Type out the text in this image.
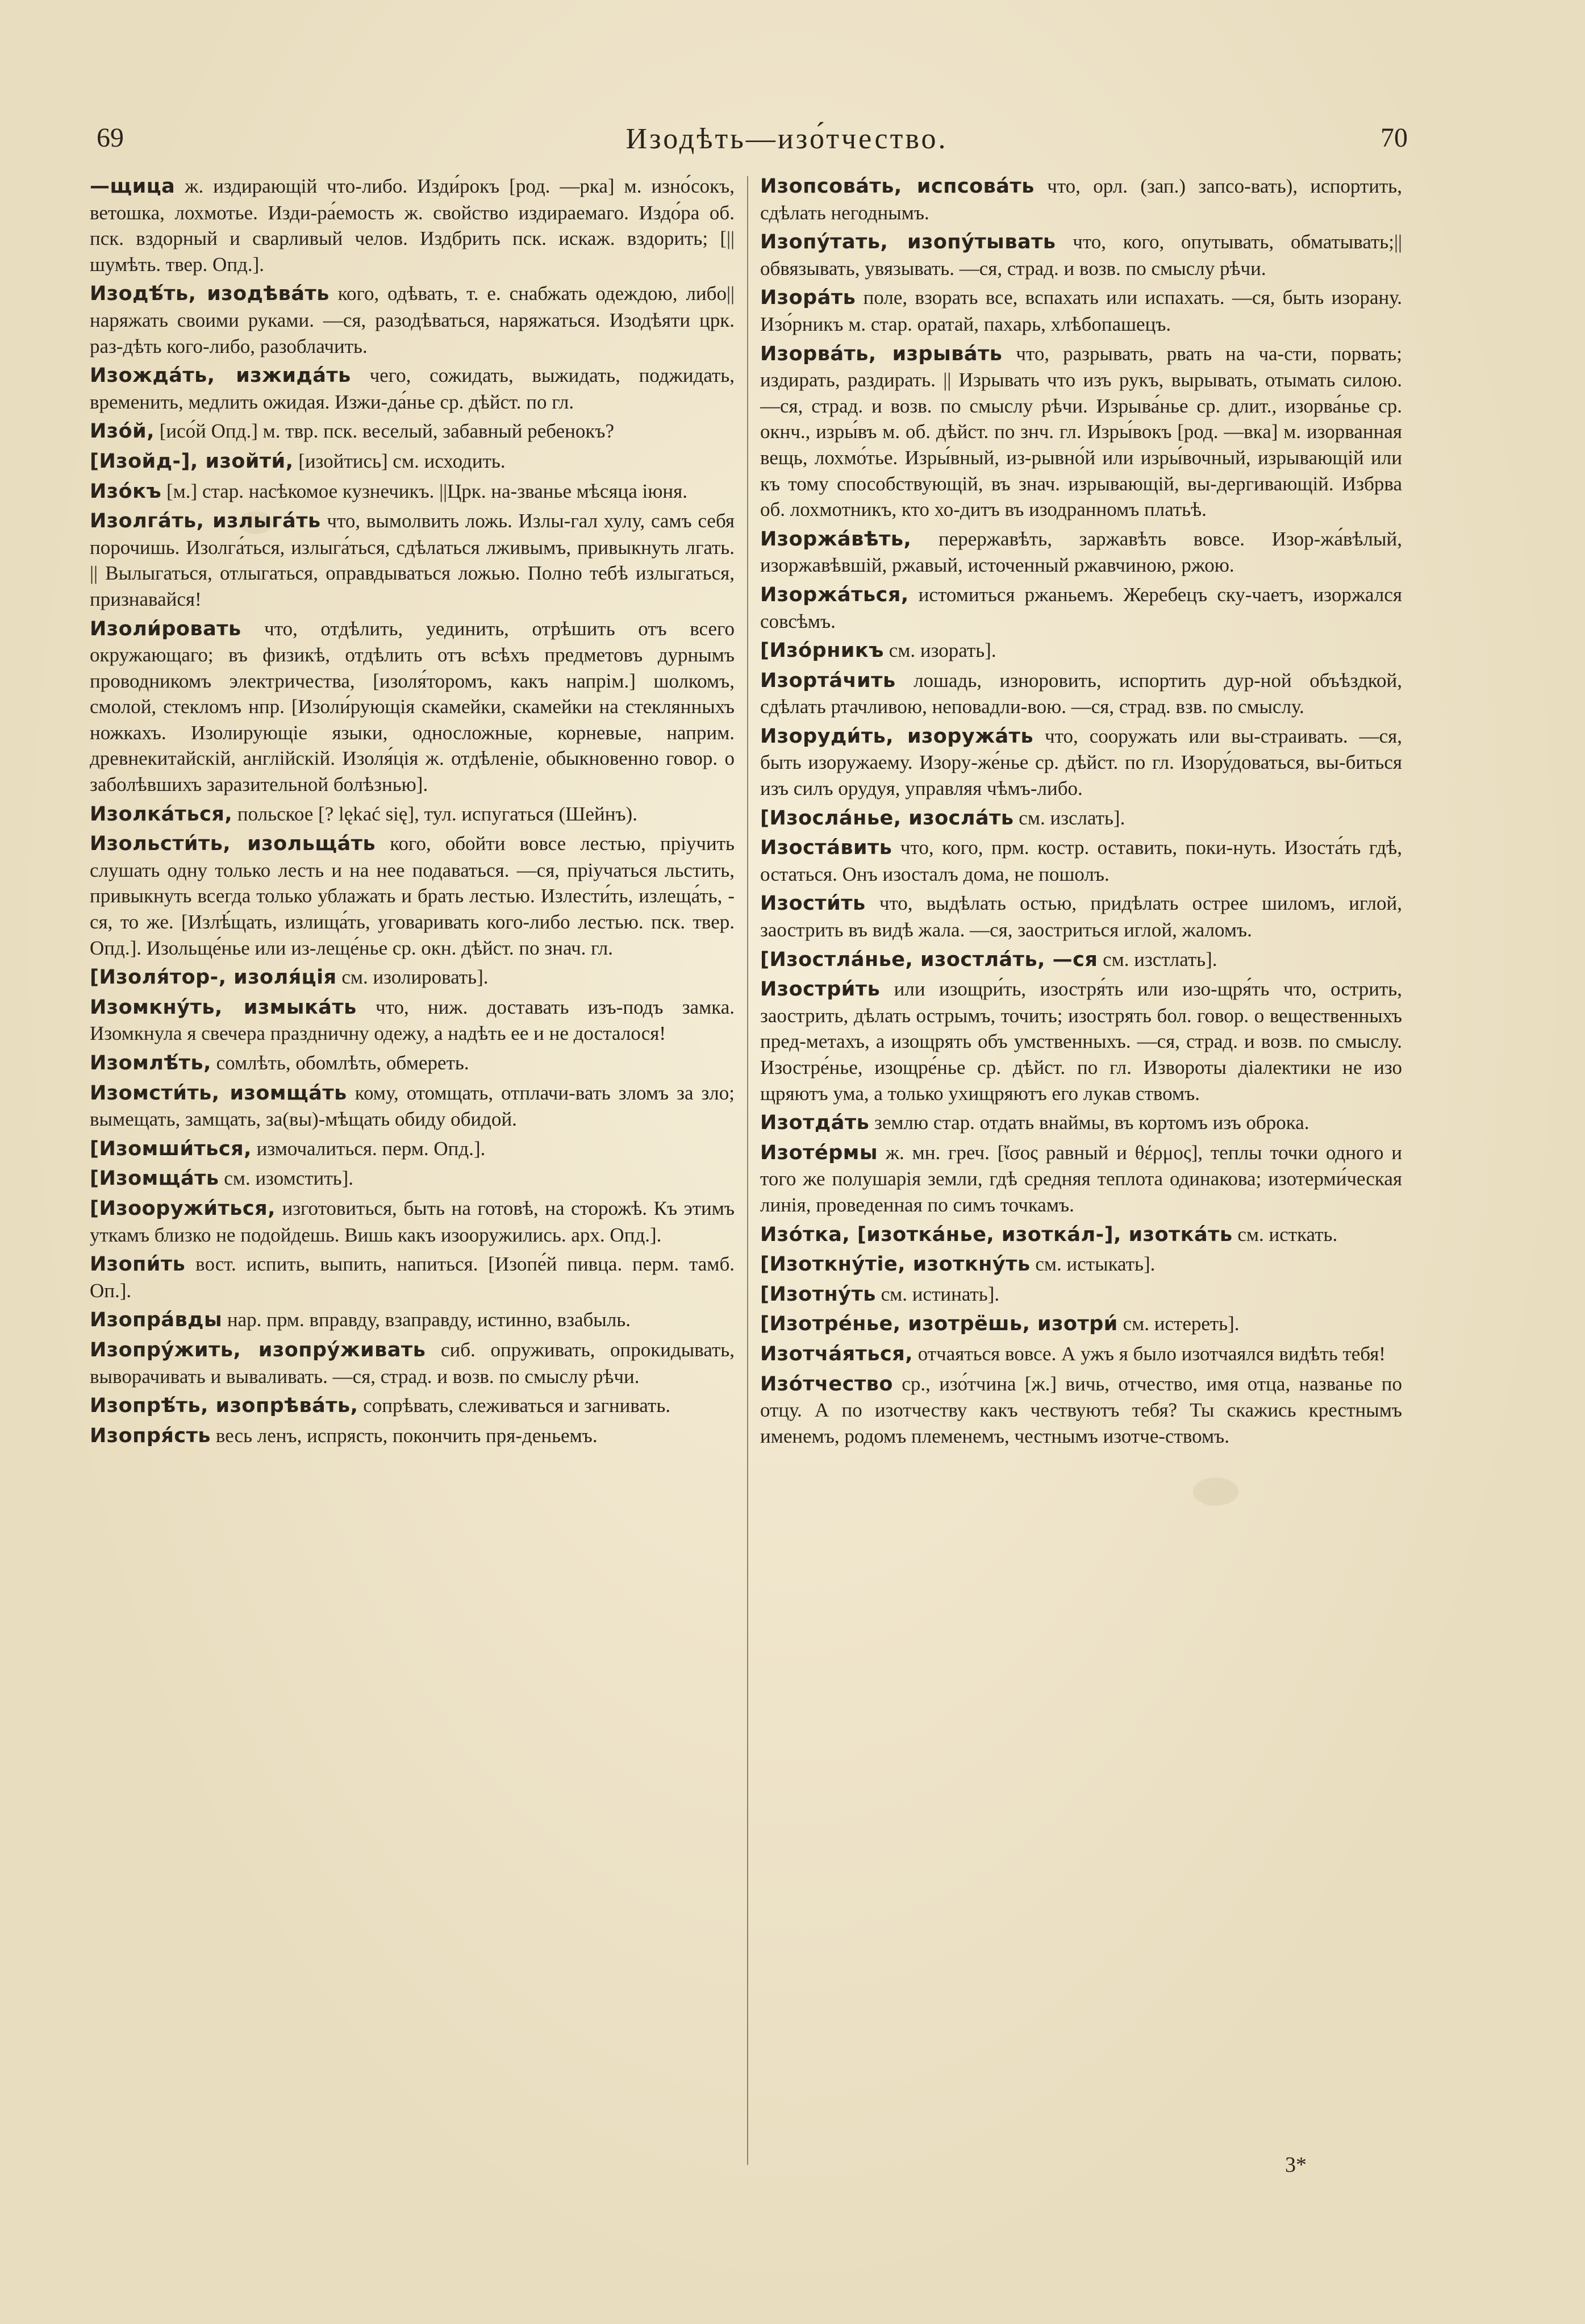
69	Изодѣть—изо́тчество.	70
—щица ж. издирающій что-либо. Изди́рокъ [род. —рка] м. изно́сокъ, ветошка, лохмотье. Изди-ра́емость ж. свойство издираемаго. Издо́ра об. пск. вздорный и сварливый челов. Издбрить пск. искаж. вздорить; [||шумѣть. твер. Опд.].
Изодѣ́ть, изодѣва́ть кого, одѣвать, т. е. снабжать одеждою, либо||наряжать своими руками. —ся, разодѣваться, наряжаться. Изодѣяти црк. раз-дѣть кого-либо, разоблачить.
Изожда́ть, изжида́ть чего, сожидать, выжидать, поджидать, временить, медлить ожидая. Изжи-да́нье ср. дѣйст. по гл.
Изо́й, [исо́й Опд.] м. твр. пск. веселый, забавный ребенокъ?
[Изойд-], изойти́, [изойтись] см. исходить.
Изо́къ [м.] стар. насѣкомое кузнечикъ. ||Црк. на-званье мѣсяца іюня.
Изолга́ть, излыга́ть что, вымолвить ложь. Излы-гал хулу, самъ себя порочишь. Изолга́ться, излыга́ться, сдѣлаться лживымъ, привыкнуть лгать. || Вылыгаться, отлыгаться, оправдываться ложью. Полно тебѣ излыгаться, признавайся!
Изоли́ровать что, отдѣлить, уединить, отрѣшить отъ всего окружающаго; въ физикѣ, отдѣлить отъ всѣхъ предметовъ дурнымъ проводникомъ электричества, [изоля́торомъ, какъ напрім.] шолкомъ, смолой, стекломъ нпр. [Изоли́рующія скамейки, скамейки на стеклянныхъ ножкахъ. Изолирующіе языки, односложные, корневые, наприм. древнекитайскій, англійскій. Изоля́ція ж. отдѣленіе, обыкновенно говор. о заболѣвшихъ заразительной болѣзнью].
Изолка́ться, польское [? lękać się], тул. испугаться (Шейнъ).
Изольсти́ть, изольща́ть кого, обойти вовсе лестью, пріучить слушать одну только лесть и на нее подаваться. —ся, пріучаться льстить, привыкнуть всегда только ублажать и брать лестью. Излести́ть, излеща́ть, - ся, то же. [Излѣ́щать, излища́ть, уговаривать кого-либо лестью. пск. твер. Опд.]. Изольще́нье или из-леще́нье ср. окн. дѣйст. по знач. гл.
[Изоля́тор-, изоля́ція см. изолировать].
Изомкну́ть, измыка́ть что, ниж. доставать изъ-подъ замка. Изомкнула я свечера праздничну одежу, а надѣть ее и не досталося!
Изомлѣ́ть, сомлѣть, обомлѣть, обмереть.
Изомсти́ть, изомща́ть кому, отомщать, отплачи-вать зломъ за зло; вымещать, замщать, за(вы)-мѣщать обиду обидой.
[Изомши́ться, измочалиться. перм. Опд.].
[Изомща́ть см. изомстить].
[Изооружи́ться, изготовиться, быть на готовѣ, на сторожѣ. Къ этимъ уткамъ близко не подойдешь. Вишь какъ изооружились. арх. Опд.].
Изопи́ть вост. испить, выпить, напиться. [Изопе́й пивца. перм. тамб. Оп.].
Изопра́вды нар. прм. вправду, взаправду, истинно, взабыль.
Изопру́жить, изопру́живать сиб. опруживать, опрокидывать, выворачивать и вываливать. —ся, страд. и возв. по смыслу рѣчи.
Изопрѣ́ть, изопрѣва́ть, сопрѣвать, слеживаться и загнивать.
Изопря́сть весь ленъ, испрясть, покончить пря-деньемъ.
Изопсова́ть, испсова́ть что, орл. (зап.) запсо-вать), испортить, сдѣлать негоднымъ.
Изопу́тать, изопу́тывать что, кого, опутывать, обматывать;||обвязывать, увязывать. —ся, страд. и возв. по смыслу рѣчи.
Изора́ть поле, взорать все, вспахать или испахать. —ся, быть изорану. Изо́рникъ м. стар. оратай, пахарь, хлѣбопашецъ.
Изорва́ть, изрыва́ть что, разрывать, рвать на ча-сти, порвать; издирать, раздирать. || Изрывать что изъ рукъ, вырывать, отымать силою. —ся, страд. и возв. по смыслу рѣчи. Изрыва́нье ср. длит., изорва́нье ср. окнч., изры́въ м. об. дѣйст. по знч. гл. Изры́вокъ [род. —вка] м. изорванная вещь, лохмо́тье. Изры́вный, из-рывно́й или изры́вочный, изрывающій или къ тому способствующій, въ знач. изрывающій, вы-дергивающій. Избрва об. лохмотникъ, кто хо-дитъ въ изодранномъ платьѣ.
Изоржа́вѣть, перержавѣть, заржавѣть вовсе. Изор-жа́вѣлый, изоржавѣвшій, ржавый, источенный ржавчиною, ржою.
Изоржа́ться, истомиться ржаньемъ. Жеребецъ ску-чаетъ, изоржался совсѣмъ.
[Изо́рникъ см. изорать].
Изорта́чить лошадь, изноровить, испортить дур-ной объѣздкой, сдѣлать ртачливою, неповадли-вою. —ся, страд. взв. по смыслу.
Изоруди́ть, изоружа́ть что, сооружать или вы-страивать. —ся, быть изоружаему. Изору-же́нье ср. дѣйст. по гл. Изору́доваться, вы-биться изъ силъ орудуя, управляя чѣмъ-либо.
[Изосла́нье, изосла́ть см. изслать].
Изоста́вить что, кого, прм. костр. оставить, поки-нуть. Изоста́ть гдѣ, остаться. Онъ изосталъ дома, не пошолъ.
Изости́ть что, выдѣлать остью, придѣлать острее шиломъ, иглой, заострить въ видѣ жала. —ся, заостриться иглой, жаломъ.
[Изостла́нье, изостла́ть, —ся см. изстлать].
Изостри́ть или изощри́ть, изостря́ть или изо-щря́ть что, острить, заострить, дѣлать острымъ, точить; изострять бол. говор. о вещественныхъ пред-метахъ, а изощрять объ умственныхъ. —ся, страд. и возв. по смыслу. Изостре́нье, изощре́нье ср. дѣйст. по гл. Извороты діалектики не изо щряютъ ума, а только ухищряютъ его лукав ствомъ.
Изотда́ть землю стар. отдать внаймы, въ кортомъ изъ оброка.
Изоте́рмы ж. мн. греч. [ἴσος равный и θέρμος], теплы точки одного и того же полушарія земли, гдѣ средняя теплота одинакова; изотерми́ческая линія, проведенная по симъ точкамъ.
Изо́тка, [изотка́нье, изотка́л-], изотка́ть см. исткать.
[Изоткну́тіе, изоткну́ть см. истыкать].
[Изотну́ть см. истинать].
[Изотре́нье, изотрёшь, изотри́ см. истереть].
Изотча́яться, отчаяться вовсе. А ужъ я было изотчаялся видѣть тебя!
Изо́тчество ср., изо́тчина [ж.] вичь, отчество, имя отца, названье по отцу. А по изотчеству какъ чествуютъ тебя? Ты скажись крестнымъ именемъ, родомъ племенемъ, честнымъ изотче-ствомъ.
3*
